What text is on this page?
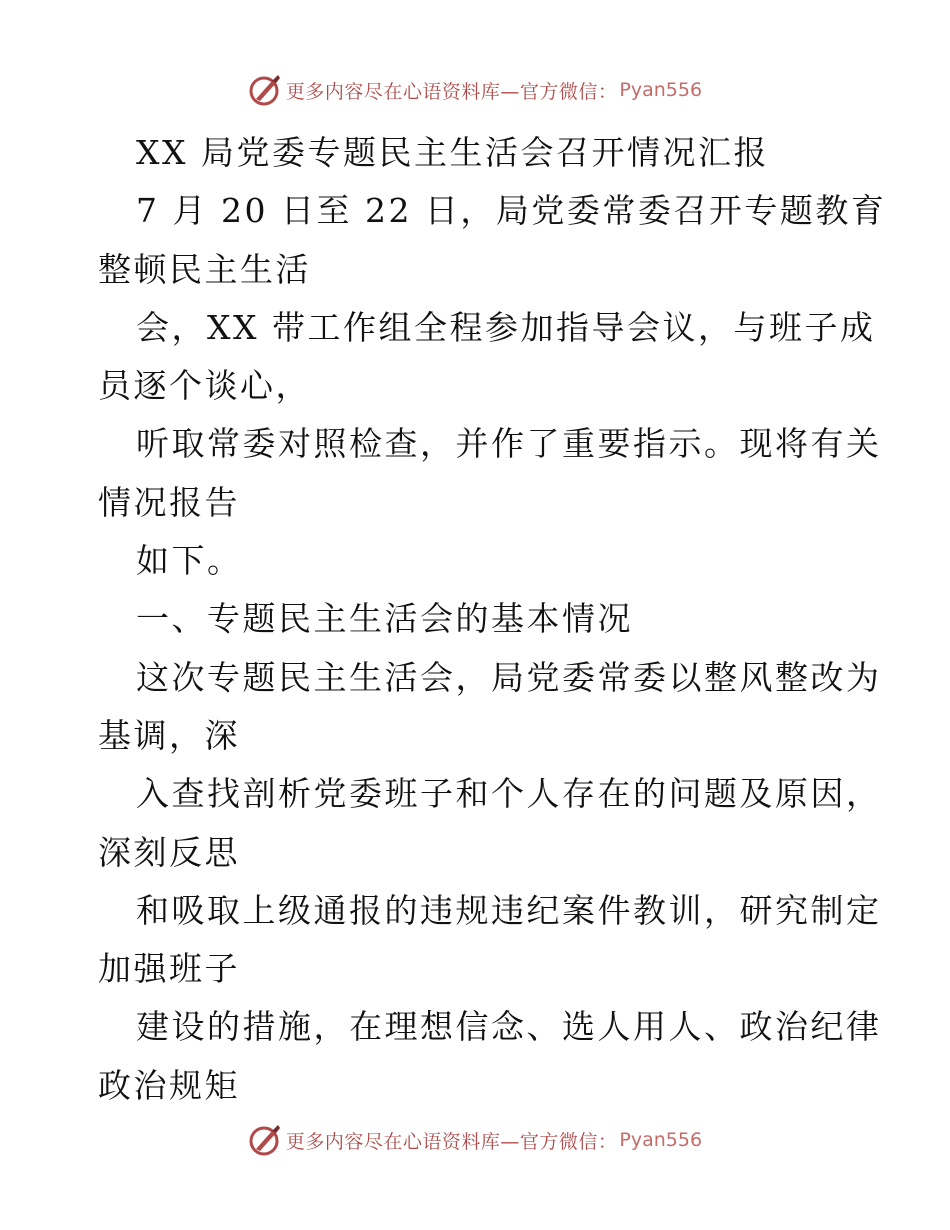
更多内容尽在心语资料库—官方微信： Pyan556
XX 局党委专题民主生活会召开情况汇报
7 月 20 日至 22 日，局党委常委召开专题教育
整顿民主生活
会，XX 带工作组全程参加指导会议，与班子成
员逐个谈心，
听取常委对照检查，并作了重要指示。现将有关
情况报告
如下。
一、专题民主生活会的基本情况
这次专题民主生活会，局党委常委以整风整改为
基调，深
入查找剖析党委班子和个人存在的问题及原因，
深刻反思
和吸取上级通报的违规违纪案件教训，研究制定
加强班子
建设的措施，在理想信念、选人用人、政治纪律
政治规矩
更多内容尽在心语资料库—官方微信： Pyan556
